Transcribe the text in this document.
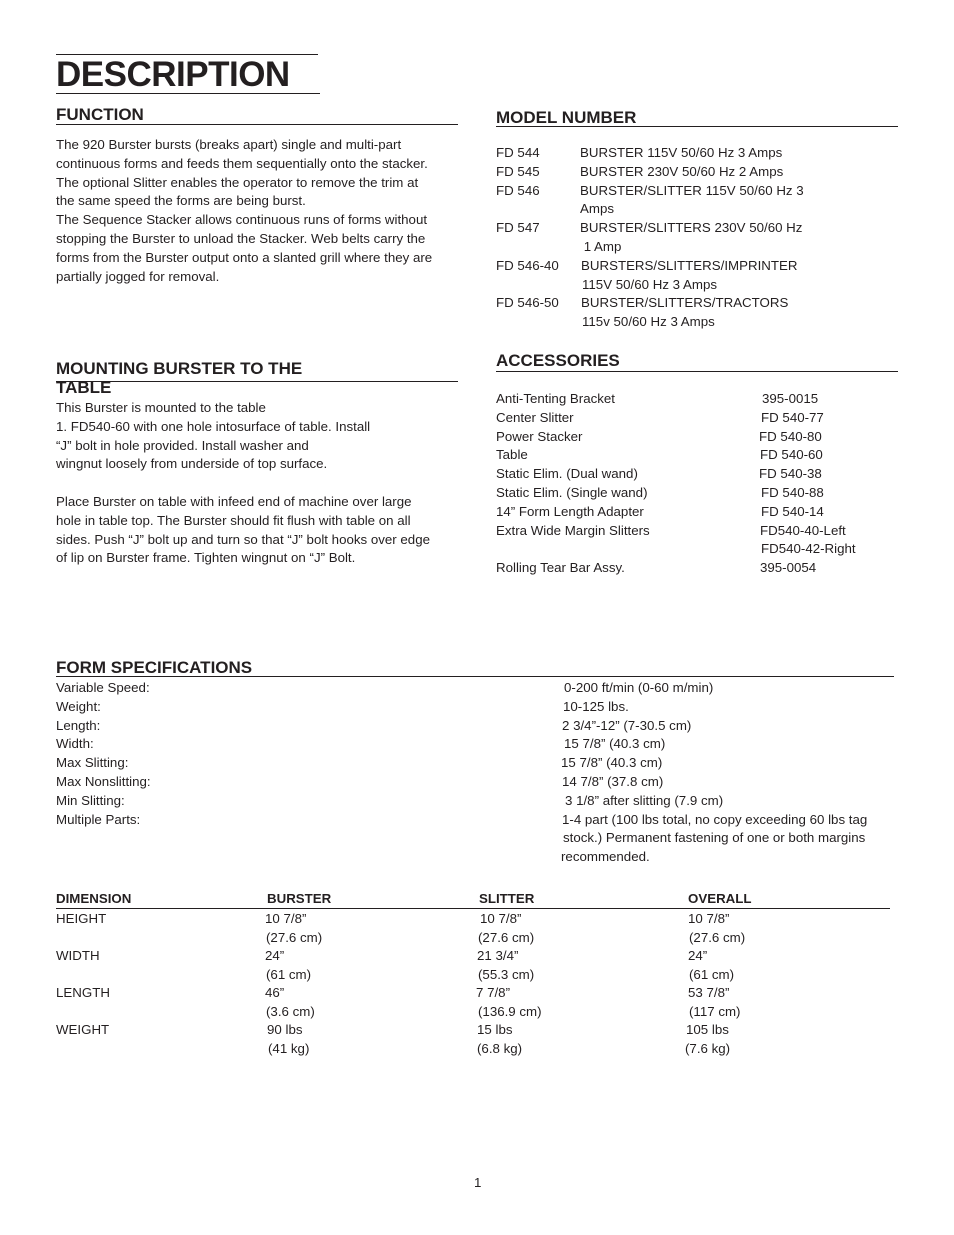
DESCRIPTION
FUNCTION
The 920 Burster bursts (breaks apart) single and multi-part
continuous forms and feeds them sequentially onto the stacker.
The optional Slitter enables the operator to remove the trim at
the same speed the forms are being burst.
The Sequence Stacker allows continuous runs of forms without
stopping the Burster to unload the Stacker. Web belts carry the
forms from the Burster output onto a slanted grill where they are
partially jogged for removal.
MODEL NUMBER
FD 544	BURSTER 115V 50/60 Hz 3 Amps
FD 545	BURSTER 230V 50/60 Hz 2 Amps
FD 546	BURSTER/SLITTER 115V 50/60 Hz 3
Amps
FD 547	BURSTER/SLITTERS 230V 50/60 Hz
1 Amp
FD 546-40 BURSTERS/SLITTERS/IMPRINTER
115V 50/60 Hz 3 Amps
FD 546-50 BURSTER/SLITTERS/TRACTORS
115v 50/60 Hz 3 Amps
MOUNTING BURSTER TO THE
TABLE
This Burster is mounted to the table
1. FD540-60 with one hole intosurface of table. Install
“J” bolt in hole provided. Install washer and
wingnut loosely from underside of top surface.
Place Burster on table with infeed end of machine over large
hole in table top. The Burster should fit flush with table on all
sides. Push “J” bolt up and turn so that “J” bolt hooks over edge
of lip on Burster frame. Tighten wingnut on “J” Bolt.
ACCESSORIES
Anti-Tenting Bracket	395-0015
Center Slitter	FD 540-77
Power Stacker	FD 540-80
Table	FD 540-60
Static Elim. (Dual wand)	FD 540-38
Static Elim. (Single wand)	FD 540-88
14” Form Length Adapter	FD 540-14
Extra Wide Margin Slitters	FD540-40-Left
FD540-42-Right
Rolling Tear Bar Assy.	395-0054
FORM SPECIFICATIONS
Variable Speed:	0-200 ft/min (0-60 m/min)
Weight:	10-125 lbs.
Length:	2 3/4”-12” (7-30.5 cm)
Width:	15 7/8” (40.3 cm)
Max Slitting:	15 7/8” (40.3 cm)
Max Nonslitting:	14 7/8” (37.8 cm)
Min Slitting:	3 1/8” after slitting (7.9 cm)
Multiple Parts:	1-4 part (100 lbs total, no copy exceeding 60 lbs tag
stock.) Permanent fastening of one or both margins
recommended.
DIMENSION	BURSTER	SLITTER	OVERALL
HEIGHT	10 7/8”	10 7/8”	10 7/8”
(27.6 cm)	(27.6 cm)	(27.6 cm)
WIDTH	24”	21 3/4”	24”
(61 cm)	(55.3 cm)	(61 cm)
LENGTH	46”	7 7/8”	53 7/8”
(3.6 cm)	(136.9 cm)	(117 cm)
WEIGHT	90 lbs	15 lbs	105 lbs
(41 kg)	(6.8 kg)	(7.6 kg)
1
